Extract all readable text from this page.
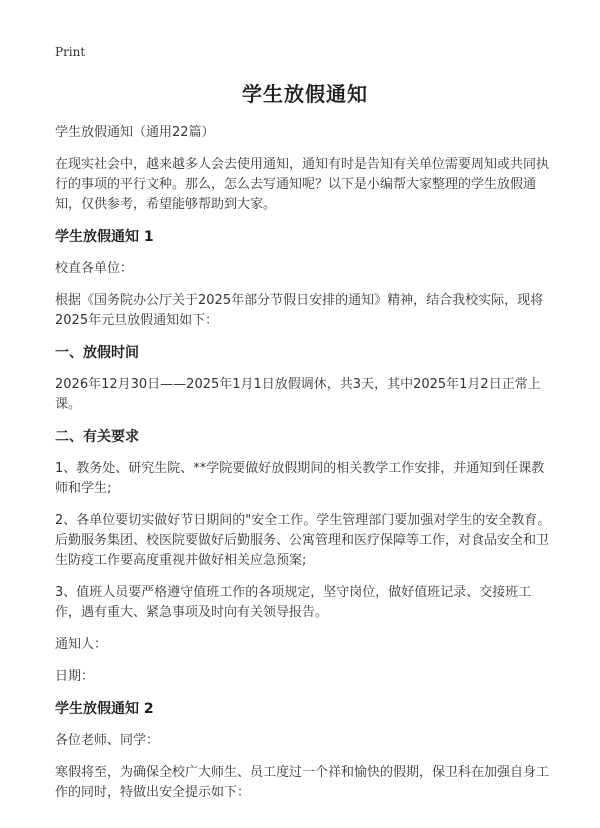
Print
学生放假通知

学生放假通知（通用22篇）

在现实社会中，越来越多人会去使用通知，通知有时是告知有关单位需要周知或共同执行的事项的平行文种。那么，怎么去写通知呢？以下是小编帮大家整理的学生放假通知，仅供参考，希望能够帮助到大家。

学生放假通知 1

校直各单位：

根据《国务院办公厅关于2025年部分节假日安排的通知》精神，结合我校实际，现将2025年元旦放假通知如下：

一、放假时间

2026年12月30日——2025年1月1日放假调休，共3天，其中2025年1月2日正常上课。

二、有关要求

1、教务处、研究生院、**学院要做好放假期间的相关教学工作安排，并通知到任课教师和学生;

2、各单位要切实做好节日期间的"安全工作。学生管理部门要加强对学生的安全教育。后勤服务集团、校医院要做好后勤服务、公寓管理和医疗保障等工作，对食品安全和卫生防疫工作要高度重视并做好相关应急预案;

3、值班人员要严格遵守值班工作的各项规定，坚守岗位，做好值班记录、交接班工作，遇有重大、紧急事项及时向有关领导报告。

通知人：

日期：

学生放假通知 2

各位老师、同学：

寒假将至，为确保全校广大师生、员工度过一个祥和愉快的假期，保卫科在加强自身工作的同时，特做出安全提示如下：
